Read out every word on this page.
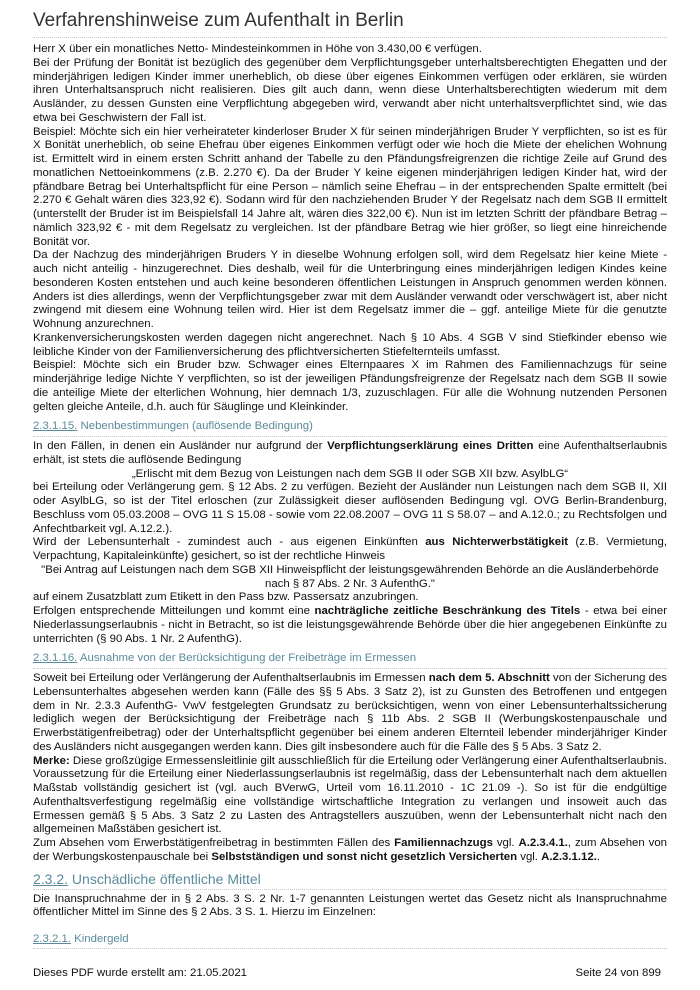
Verfahrenshinweise zum Aufenthalt in Berlin

Herr X über ein monatliches Netto- Mindesteinkommen in Höhe von 3.430,00 € verfügen.

Bei der Prüfung der Bonität ist bezüglich des gegenüber dem Verpflichtungsgeber unterhaltsberechtigten Ehegatten und der minderjährigen ledigen Kinder immer unerheblich, ob diese über eigenes Einkommen verfügen oder erklären, sie würden ihren Unterhaltsanspruch nicht realisieren. Dies gilt auch dann, wenn diese Unterhaltsberechtigten wiederum mit dem Ausländer, zu dessen Gunsten eine Verpflichtung abgegeben wird, verwandt aber nicht unterhaltsverpflichtet sind, wie das etwa bei Geschwistern der Fall ist.

Beispiel: Möchte sich ein hier verheirateter kinderloser Bruder X für seinen minderjährigen Bruder Y verpflichten, so ist es für X Bonität unerheblich, ob seine Ehefrau über eigenes Einkommen verfügt oder wie hoch die Miete der ehelichen Wohnung ist. Ermittelt wird in einem ersten Schritt anhand der Tabelle zu den Pfändungsfreigrenzen die richtige Zeile auf Grund des monatlichen Nettoeinkommens (z.B. 2.270 €). Da der Bruder Y keine eigenen minderjährigen ledigen Kinder hat, wird der pfändbare Betrag bei Unterhaltspflicht für eine Person – nämlich seine Ehefrau – in der entsprechenden Spalte ermittelt (bei 2.270 € Gehalt wären dies 323,92 €). Sodann wird für den nachziehenden Bruder Y der Regelsatz nach dem SGB II ermittelt (unterstellt der Bruder ist im Beispielsfall 14 Jahre alt, wären dies 322,00 €). Nun ist im letzten Schritt der pfändbare Betrag – nämlich 323,92 € - mit dem Regelsatz zu vergleichen. Ist der pfändbare Betrag wie hier größer, so liegt eine hinreichende Bonität vor.

Da der Nachzug des minderjährigen Bruders Y in dieselbe Wohnung erfolgen soll, wird dem Regelsatz hier keine Miete - auch nicht anteilig - hinzugerechnet. Dies deshalb, weil für die Unterbringung eines minderjährigen ledigen Kindes keine besonderen Kosten entstehen und auch keine besonderen öffentlichen Leistungen in Anspruch genommen werden können. Anders ist dies allerdings, wenn der Verpflichtungsgeber zwar mit dem Ausländer verwandt oder verschwägert ist, aber nicht zwingend mit diesem eine Wohnung teilen wird. Hier ist dem Regelsatz immer die – ggf. anteilige Miete für die genutzte Wohnung anzurechnen.

Krankenversicherungskosten werden dagegen nicht angerechnet. Nach § 10 Abs. 4 SGB V sind Stiefkinder ebenso wie leibliche Kinder von der Familienversicherung des pflichtversicherten Stiefelternteils umfasst.

Beispiel: Möchte sich ein Bruder bzw. Schwager eines Elternpaares X im Rahmen des Familiennachzugs für seine minderjährige ledige Nichte Y verpflichten, so ist der jeweiligen Pfändungsfreigrenze der Regelsatz nach dem SGB II sowie die anteilige Miete der elterlichen Wohnung, hier demnach 1/3, zuzuschlagen. Für alle die Wohnung nutzenden Personen gelten gleiche Anteile, d.h. auch für Säuglinge und Kleinkinder.

2.3.1.15. Nebenbestimmungen (auflösende Bedingung)

In den Fällen, in denen ein Ausländer nur aufgrund der Verpflichtungserklärung eines Dritten eine Aufenthaltserlaubnis erhält, ist stets die auflösende Bedingung

„Erlischt mit dem Bezug von Leistungen nach dem SGB II oder SGB XII bzw. AsylbLG“

bei Erteilung oder Verlängerung gem. § 12 Abs. 2 zu verfügen. Bezieht der Ausländer nun Leistungen nach dem SGB II, XII oder AsylbLG, so ist der Titel erloschen (zur Zulässigkeit dieser auflösenden Bedingung vgl. OVG Berlin-Brandenburg, Beschluss vom 05.03.2008 – OVG 11 S 15.08 - sowie vom 22.08.2007 – OVG 11 S 58.07 – and A.12.0.; zu Rechtsfolgen und Anfechtbarkeit vgl. A.12.2.).

Wird der Lebensunterhalt - zumindest auch - aus eigenen Einkünften aus Nichterwerbstätigkeit (z.B. Vermietung, Verpachtung, Kapitaleinkünfte) gesichert, so ist der rechtliche Hinweis

"Bei Antrag auf Leistungen nach dem SGB XII Hinweispflicht der leistungsgewährenden Behörde an die Ausländerbehörde nach § 87 Abs. 2 Nr. 3 AufenthG."

auf einem Zusatzblatt zum Etikett in den Pass bzw. Passersatz anzubringen.

Erfolgen entsprechende Mitteilungen und kommt eine nachträgliche zeitliche Beschränkung des Titels - etwa bei einer Niederlassungserlaubnis - nicht in Betracht, so ist die leistungsgewährende Behörde über die hier angegebenen Einkünfte zu unterrichten (§ 90 Abs. 1 Nr. 2 AufenthG).

2.3.1.16. Ausnahme von der Berücksichtigung der Freibeträge im Ermessen

Soweit bei Erteilung oder Verlängerung der Aufenthaltserlaubnis im Ermessen nach dem 5. Abschnitt von der Sicherung des Lebensunterhaltes abgesehen werden kann (Fälle des §§ 5 Abs. 3 Satz 2), ist zu Gunsten des Betroffenen und entgegen dem in Nr. 2.3.3 AufenthG- VwV festgelegten Grundsatz zu berücksichtigen, wenn von einer Lebensunterhaltssicherung lediglich wegen der Berücksichtigung der Freibeträge nach § 11b Abs. 2 SGB II (Werbungskostenpauschale und Erwerbstätigenfreibetrag) oder der Unterhaltspflicht gegenüber bei einem anderen Elternteil lebender minderjähriger Kinder des Ausländers nicht ausgegangen werden kann. Dies gilt insbesondere auch für die Fälle des § 5 Abs. 3 Satz 2.

Merke: Diese großzügige Ermessensleitlinie gilt ausschließlich für die Erteilung oder Verlängerung einer Aufenthaltserlaubnis. Voraussetzung für die Erteilung einer Niederlassungserlaubnis ist regelmäßig, dass der Lebensunterhalt nach dem aktuellen Maßstab vollständig gesichert ist (vgl. auch BVerwG, Urteil vom 16.11.2010 - 1C 21.09 -). So ist für die endgültige Aufenthaltsverfestigung regelmäßig eine vollständige wirtschaftliche Integration zu verlangen und insoweit auch das Ermessen gemäß § 5 Abs. 3 Satz 2 zu Lasten des Antragstellers auszuüben, wenn der Lebensunterhalt nicht nach den allgemeinen Maßstäben gesichert ist.

Zum Absehen vom Erwerbstätigenfreibetrag in bestimmten Fällen des Familiennachzugs vgl. A.2.3.4.1., zum Absehen von der Werbungskostenpauschale bei Selbstständigen und sonst nicht gesetzlich Versicherten vgl. A.2.3.1.12..

2.3.2. Unschädliche öffentliche Mittel

Die Inanspruchnahme der in § 2 Abs. 3 S. 2 Nr. 1-7 genannten Leistungen wertet das Gesetz nicht als Inanspruchnahme öffentlicher Mittel im Sinne des § 2 Abs. 3 S. 1. Hierzu im Einzelnen:

2.3.2.1. Kindergeld
Dieses PDF wurde erstellt am: 21.05.2021	Seite 24 von 899
